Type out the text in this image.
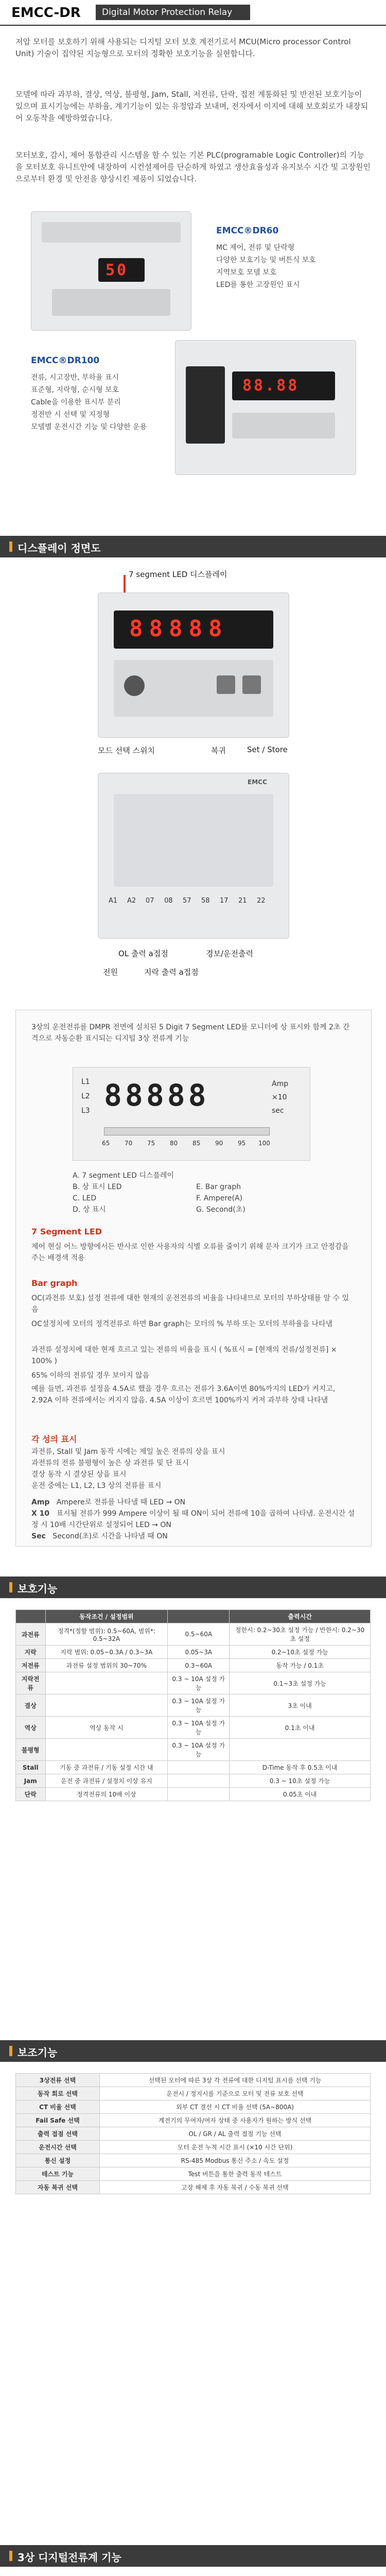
EMCC-DR	Digital Motor Protection Relay
저압 모터를 보호하기 위해 사용되는 디지털 모터 보호 계전기로서 MCU(Micro processor Control Unit) 기술이 집약된 지능형으로 모터의 정확한 보호기능을 실현합니다.
모델에 따라 과부하, 결상, 역상, 불평형, Jam, Stall, 저전류, 단락, 접전 계통화된 및 반전된 보호기능이 있으며 표시기능에는 부하율, 계기기능이 있는 유정압과 보내며, 전자에서 이지에 대해 보호회로가 내장되어 오동작을 예방하였습니다.
모터보호, 감시, 제어 통합관리 시스템을 할 수 있는 기본 PLC(programable Logic Controller)의 기능을 모터보호 유니트안에 내장하여 시컨셜제어를 단순하게 하였고 생산효율성과 유지보수 시간 및 고장원인으로부터 환경 및 안전을 향상시킨 제품이 되었습니다.
50
EMCC®DR60
MC 제어, 전류 및 단락형
다양한 보호기능 및 버튼식 보호
지역보호 모델 보호
LED를 통한 고장원인 표시
EMCC®DR100
전류, 시고장반, 부하율 표시
표준형, 지락형, 순시형 보호
Cable을 이용한 표시부 분리
정전반 시 선택 및 지정형
모델별 운전시간 기능 및 다양한 운용
88.88
디스플레이 정면도
7 segment LED 디스플레이
88888
모드 선택 스위치	복귀	Set / Store
EMCC
A1 A2 07 08 57 58 17 21 22
OL 출력 a접점	경보/운전출력
전원	지락 출력 a접점
3상의 운전전류를 DMPR 전면에 설치된 5 Digit 7 Segment LED를 모니터에 상 표시와 함께 2초 간격으로 자동순환 표시되는 디지털 3상 전류계 기능
L1
L2
L3 88888	Amp
×10
sec
65 70 75 80 85 90 95 100
A. 7 segment LED 디스플레이
B. 상 표시 LED	E. Bar graph
C. LED	F. Ampere(A)
D. 상 표시	G. Second(초)
7 Segment LED
제어 현실 어느 방향에서든 반사로 인한 사용자의 식별 오류를 줄이기 위해 문자 크기가 크고 안정감을 주는 배경색 적용
Bar graph
OC(과전류 보호) 설정 전류에 대한 현재의 운전전류의 비율을 나타내므로 모터의 부하상태를 알 수 있음
OC설정치에 모터의 정격전류로 하면 Bar graph는 모터의 % 부하 또는 모터의 부하율을 나타냄
과전류 설정치에 대한 현재 흐르고 있는 전류의 비율을 표시 ( %표시 = [현재의 전류/설정전류] × 100% )
65% 이하의 전류일 경우 보이지 않음
예를 들면, 과전류 설정을 4.5A로 했을 경우 흐르는 전류가 3.6A이면 80%까지의 LED가 켜지고, 2.92A 이하 전류에서는 켜지지 않음. 4.5A 이상이 흐르면 100%까지 켜져 과부하 상태 나타냄
각 성의 표시
과전류, Stall 및 Jam 동작 시에는 제일 높은 전류의 상을 표시
과전류의 전류 불평형이 높은 상 과전류 및 단 표시
결상 동작 시 결상된 상을 표시
운전 중에는 L1, L2, L3 상의 전류를 표시
Amp Ampere로 전류를 나타낼 때 LED → ON
X 10 표시될 전류가 999 Ampere 이상이 될 때 ON이 되어 전류에 10을 곱하여 나타냄. 운전시간 설정 시 10배 시간단위로 설정되어 LED → ON
Sec Second(초)로 시간을 나타낼 때 ON
보호기능
	동작조건 / 설정범위		출력시간
과전류	정격*(정할 범위): 0.5~60A, 범위*: 0.5~32A	0.5~60A	정한시: 0.2~30초 설정 가능 / 반한시: 0.2~30초 설정
지락	지락 범위: 0.05~0.3A / 0.3~3A	0.05~3A	0.2~10초 설정 가능
저전류	과전류 설정 범위의 30~70%	0.3~60A	동작 가능 / 0.1초
지락전류		0.3 ~ 10A 설정 가능	0.1~3초 설정 가능
결상		0.3 ~ 10A 설정 가능	3초 이내
역상	역상 동작 시	0.3 ~ 10A 설정 가능	0.1초 이내
불평형		0.3 ~ 10A 설정 가능	
Stall	기동 중 과전류 / 기동 설정 시간 내		D-Time 동작 후 0.5초 이내
Jam	운전 중 과전류 / 설정치 이상 유지		0.3 ~ 10초 설정 가능
단락	정격전류의 10배 이상		0.05초 이내
보조기능
3상전류 선택	선택된 모터에 따른 3상 각 전류에 대한 디지털 표시를 선택 기능
동작 회로 선택	운전시 / 정지시를 기준으로 모터 및 전류 보호 선택
CT 비율 선택	외부 CT 결선 시 CT 비율 선택 (5A~800A)
Fail Safe 선택	계전기의 무여자/여자 상태 중 사용자가 원하는 방식 선택
출력 접점 선택	OL / GR / AL 출력 접점 기능 선택
운전시간 선택	모터 운전 누적 시간 표시 (×10 시간 단위)
통신 설정	RS-485 Modbus 통신 주소 / 속도 설정
테스트 기능	Test 버튼을 통한 출력 동작 테스트
자동 복귀 선택	고장 해제 후 자동 복귀 / 수동 복귀 선택
3상 디지털전류계 기능
